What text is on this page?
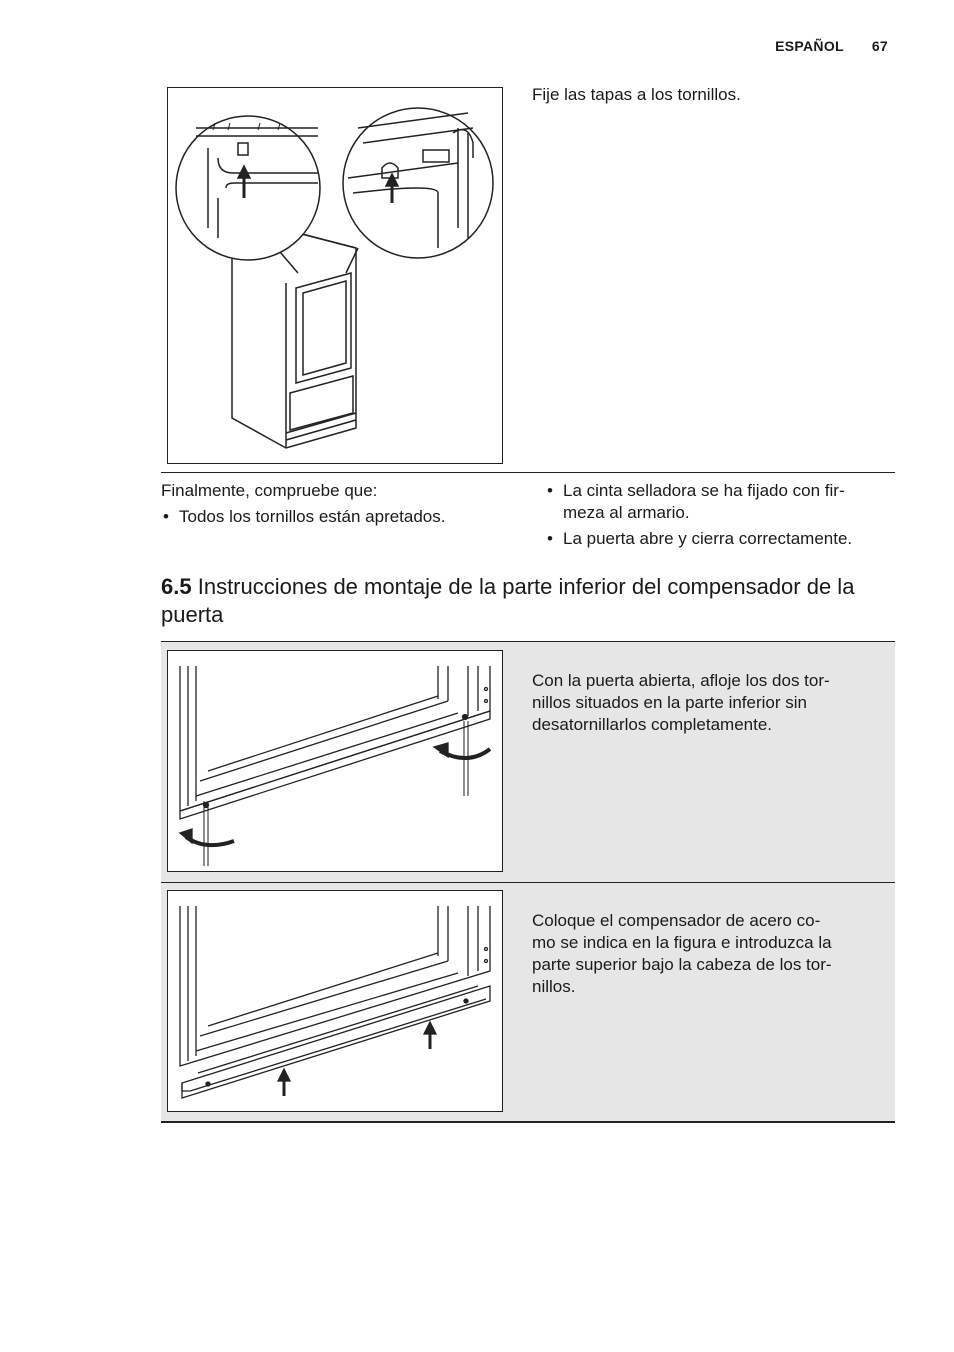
ESPAÑOL 67

Fije las tapas a los tornillos.

Finalmente, compruebe que:

• Todos los tornillos están apretados.
• La cinta selladora se ha fijado con fir-
meza al armario.
• La puerta abre y cierra correctamente.
6.5 Instrucciones de montaje de la parte inferior del compensador de la puerta

Con la puerta abierta, afloje los dos tor-
nillos situados en la parte inferior sin
desatornillarlos completamente.

Coloque el compensador de acero co-
mo se indica en la figura e introduzca la
parte superior bajo la cabeza de los tor-
nillos.
